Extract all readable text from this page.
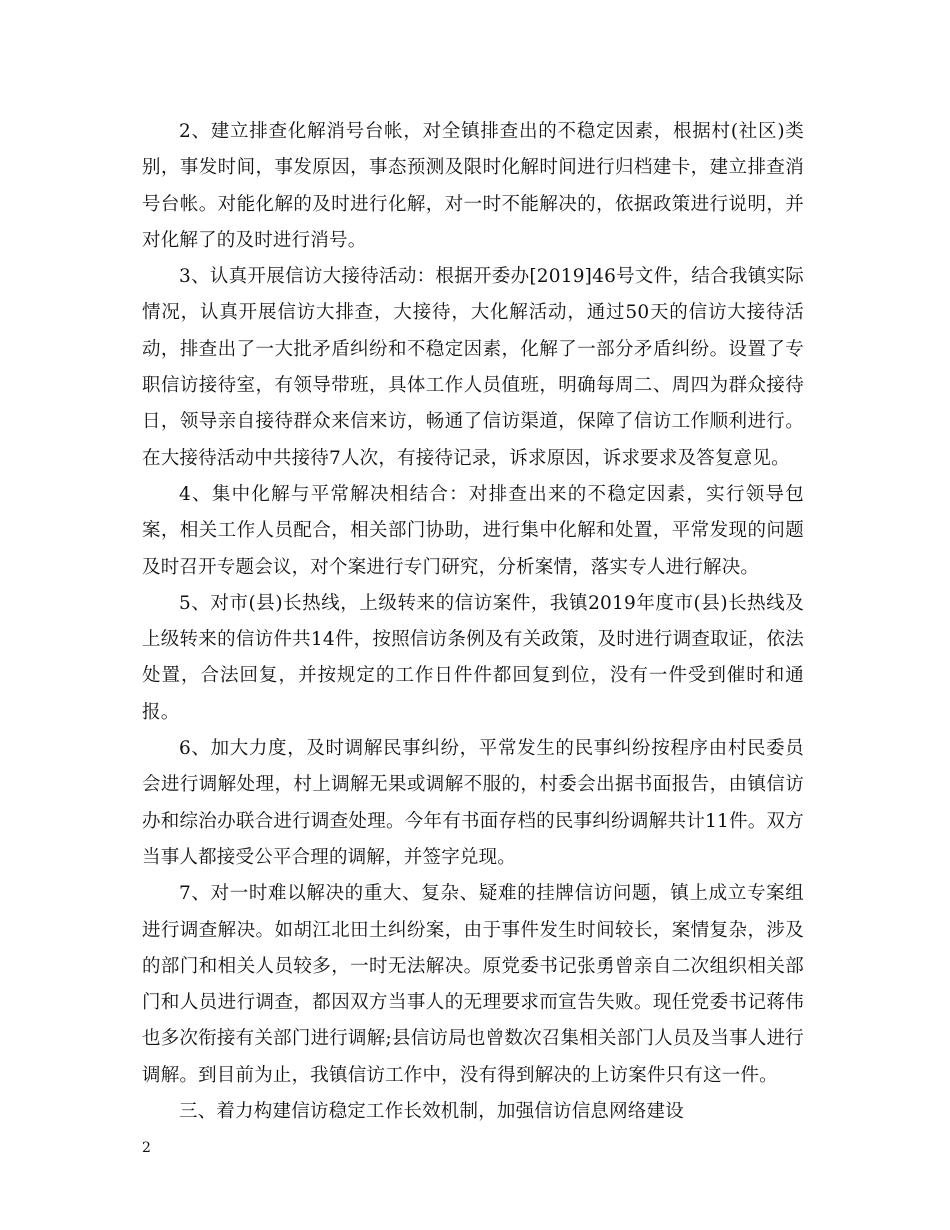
2、建立排查化解消号台帐，对全镇排查出的不稳定因素，根据村(社区)类别，事发时间，事发原因，事态预测及限时化解时间进行归档建卡，建立排查消号台帐。对能化解的及时进行化解，对一时不能解决的，依据政策进行说明，并对化解了的及时进行消号。

3、认真开展信访大接待活动：根据开委办[2019]46号文件，结合我镇实际情况，认真开展信访大排查，大接待，大化解活动，通过50天的信访大接待活动，排查出了一大批矛盾纠纷和不稳定因素，化解了一部分矛盾纠纷。设置了专职信访接待室，有领导带班，具体工作人员值班，明确每周二、周四为群众接待日，领导亲自接待群众来信来访，畅通了信访渠道，保障了信访工作顺利进行。在大接待活动中共接待7人次，有接待记录，诉求原因，诉求要求及答复意见。

4、集中化解与平常解决相结合：对排查出来的不稳定因素，实行领导包案，相关工作人员配合，相关部门协助，进行集中化解和处置，平常发现的问题及时召开专题会议，对个案进行专门研究，分析案情，落实专人进行解决。

5、对市(县)长热线，上级转来的信访案件，我镇2019年度市(县)长热线及上级转来的信访件共14件，按照信访条例及有关政策，及时进行调查取证，依法处置，合法回复，并按规定的工作日件件都回复到位，没有一件受到催时和通报。

6、加大力度，及时调解民事纠纷，平常发生的民事纠纷按程序由村民委员会进行调解处理，村上调解无果或调解不服的，村委会出据书面报告，由镇信访办和综治办联合进行调查处理。今年有书面存档的民事纠纷调解共计11件。双方当事人都接受公平合理的调解，并签字兑现。

7、对一时难以解决的重大、复杂、疑难的挂牌信访问题，镇上成立专案组进行调查解决。如胡江北田土纠纷案，由于事件发生时间较长，案情复杂，涉及的部门和相关人员较多，一时无法解决。原党委书记张勇曾亲自二次组织相关部门和人员进行调查，都因双方当事人的无理要求而宣告失败。现任党委书记蒋伟也多次衔接有关部门进行调解;县信访局也曾数次召集相关部门人员及当事人进行调解。到目前为止，我镇信访工作中，没有得到解决的上访案件只有这一件。

三、着力构建信访稳定工作长效机制，加强信访信息网络建设

2
